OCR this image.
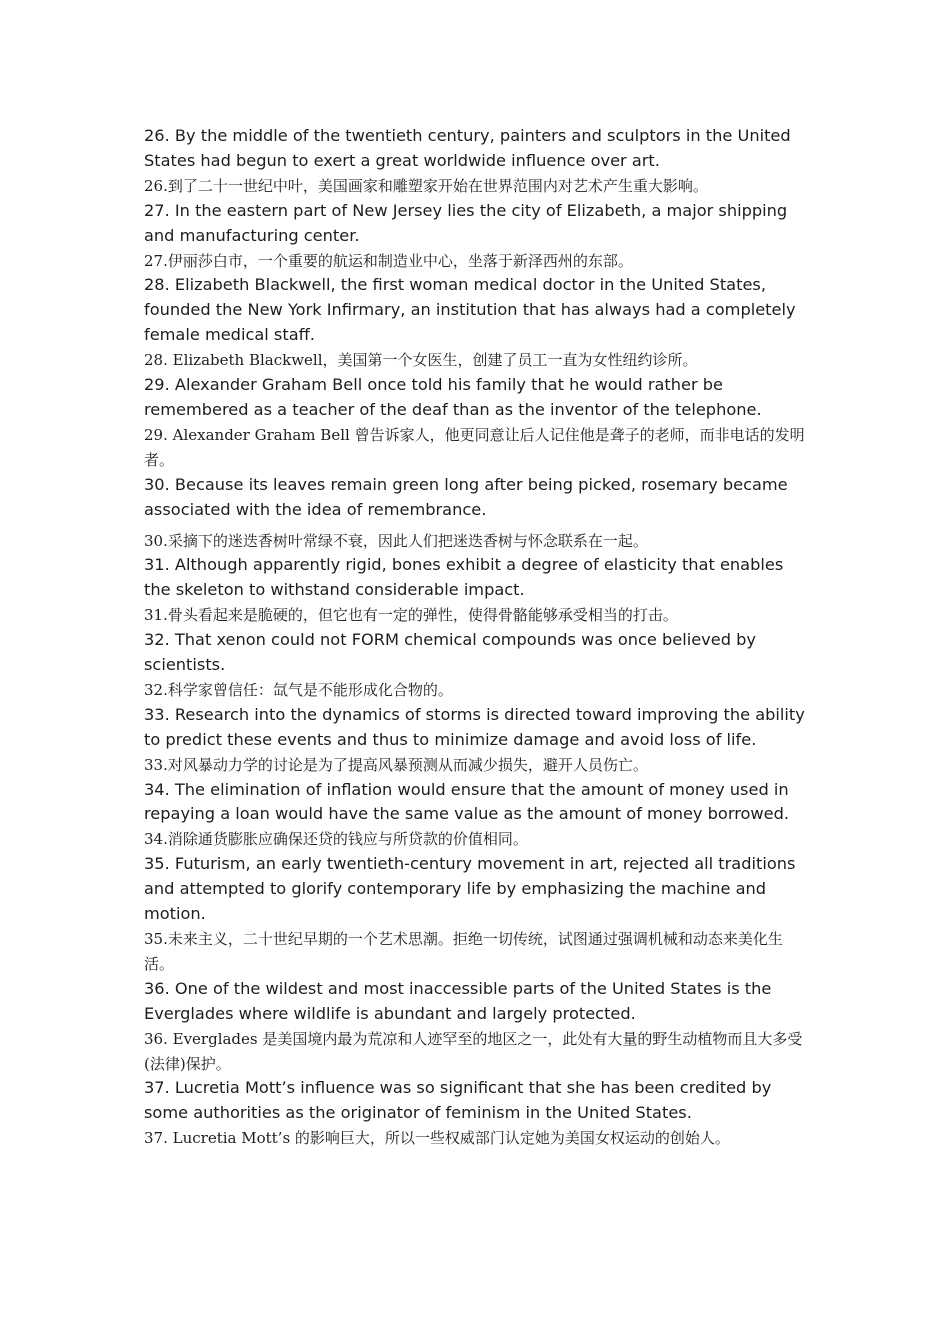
26. By the middle of the twentieth century, painters and sculptors in the United States had begun to exert a great worldwide influence over art.

26.到了二十一世纪中叶，美国画家和雕塑家开始在世界范围内对艺术产生重大影响。

27. In the eastern part of New Jersey lies the city of Elizabeth, a major shipping and manufacturing center.

27.伊丽莎白市，一个重要的航运和制造业中心，坐落于新泽西州的东部。

28. Elizabeth Blackwell, the first woman medical doctor in the United States, founded the New York Infirmary, an institution that has always had a completely female medical staff.

28. Elizabeth Blackwell，美国第一个女医生，创建了员工一直为女性纽约诊所。

29. Alexander Graham Bell once told his family that he would rather be remembered as a teacher of the deaf than as the inventor of the telephone.

29. Alexander Graham Bell 曾告诉家人，他更同意让后人记住他是聋子的老师，而非电话的发明者。

30. Because its leaves remain green long after being picked, rosemary became associated with the idea of remembrance.

30.采摘下的迷迭香树叶常绿不衰，因此人们把迷迭香树与怀念联系在一起。

31. Although apparently rigid, bones exhibit a degree of elasticity that enables the skeleton to withstand considerable impact.

31.骨头看起来是脆硬的，但它也有一定的弹性，使得骨骼能够承受相当的打击。

32. That xenon could not FORM chemical compounds was once believed by scientists.

32.科学家曾信任：氙气是不能形成化合物的。

33. Research into the dynamics of storms is directed toward improving the ability to predict these events and thus to minimize damage and avoid loss of life.

33.对风暴动力学的讨论是为了提高风暴预测从而减少损失，避开人员伤亡。

34. The elimination of inflation would ensure that the amount of money used in repaying a loan would have the same value as the amount of money borrowed.

34.消除通货膨胀应确保还贷的钱应与所贷款的价值相同。

35. Futurism, an early twentieth-century movement in art, rejected all traditions and attempted to glorify contemporary life by emphasizing the machine and motion.

35.未来主义，二十世纪早期的一个艺术思潮。拒绝一切传统，试图通过强调机械和动态来美化生活。

36. One of the wildest and most inaccessible parts of the United States is the Everglades where wildlife is abundant and largely protected.

36. Everglades 是美国境内最为荒凉和人迹罕至的地区之一，此处有大量的野生动植物而且大多受(法律)保护。

37. Lucretia Mott’s influence was so significant that she has been credited by some authorities as the originator of feminism in the United States.

37. Lucretia Mott’s 的影响巨大，所以一些权威部门认定她为美国女权运动的创始人。
